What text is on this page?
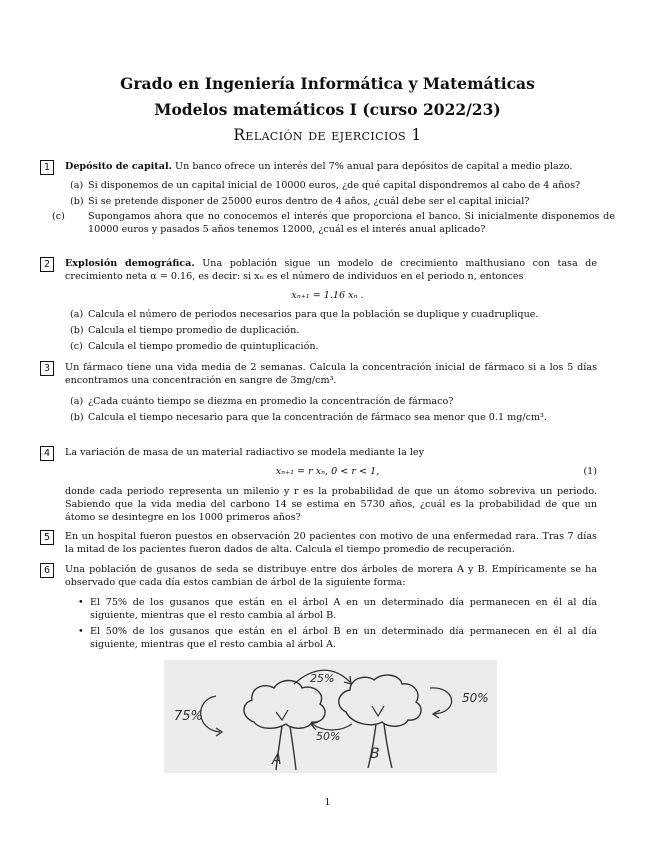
Grado en Ingeniería Informática y Matemáticas
Modelos matemáticos I (curso 2022/23)
Relación de ejercicios 1
1	Depósito de capital. Un banco ofrece un interés del 7% anual para depósitos de capital a medio plazo.
(a) Si disponemos de un capital inicial de 10000 euros, ¿de qué capital dispondremos al cabo de 4 años?
(b) Si se pretende disponer de 25000 euros dentro de 4 años, ¿cuál debe ser el capital inicial?
(c) Supongamos ahora que no conocemos el interés que proporciona el banco. Si inicialmente disponemos de 10000 euros y pasados 5 años tenemos 12000, ¿cuál es el interés anual aplicado?
2	Explosión demográfica. Una población sigue un modelo de crecimiento malthusiano con tasa de crecimiento neta α = 0.16, es decir: si xₙ es el número de individuos en el periodo n, entonces
xₙ₊₁ = 1.16 xₙ .
(a) Calcula el número de periodos necesarios para que la población se duplique y cuadruplique.
(b) Calcula el tiempo promedio de duplicación.
(c) Calcula el tiempo promedio de quintuplicación.
3	Un fármaco tiene una vida media de 2 semanas. Calcula la concentración inicial de fármaco si a los 5 días encontramos una concentración en sangre de 3mg/cm³.
(a) ¿Cada cuánto tiempo se diezma en promedio la concentración de fármaco?
(b) Calcula el tiempo necesario para que la concentración de fármaco sea menor que 0.1 mg/cm³.
4	La variación de masa de un material radiactivo se modela mediante la ley
xₙ₊₁ = r xₙ, 0 < r < 1,	(1)
donde cada periodo representa un milenio y r es la probabilidad de que un átomo sobreviva un periodo. Sabiendo que la vida media del carbono 14 se estima en 5730 años, ¿cuál es la probabilidad de que un átomo se desintegre en los 1000 primeros años?
5	En un hospital fueron puestos en observación 20 pacientes con motivo de una enfermedad rara. Tras 7 días la mitad de los pacientes fueron dados de alta. Calcula el tiempo promedio de recuperación.
6	Una población de gusanos de seda se distribuye entre dos árboles de morera A y B. Empíricamente se ha observado que cada día estos cambian de árbol de la siguiente forma:
• El 75% de los gusanos que están en el árbol A en un determinado día permanecen en él al día siguiente, mientras que el resto cambia al árbol B.
• El 50% de los gusanos que están en el árbol B en un determinado día permanecen en él al día siguiente, mientras que el resto cambia al árbol A.
75%
25%
50%
50%
A	B
1
